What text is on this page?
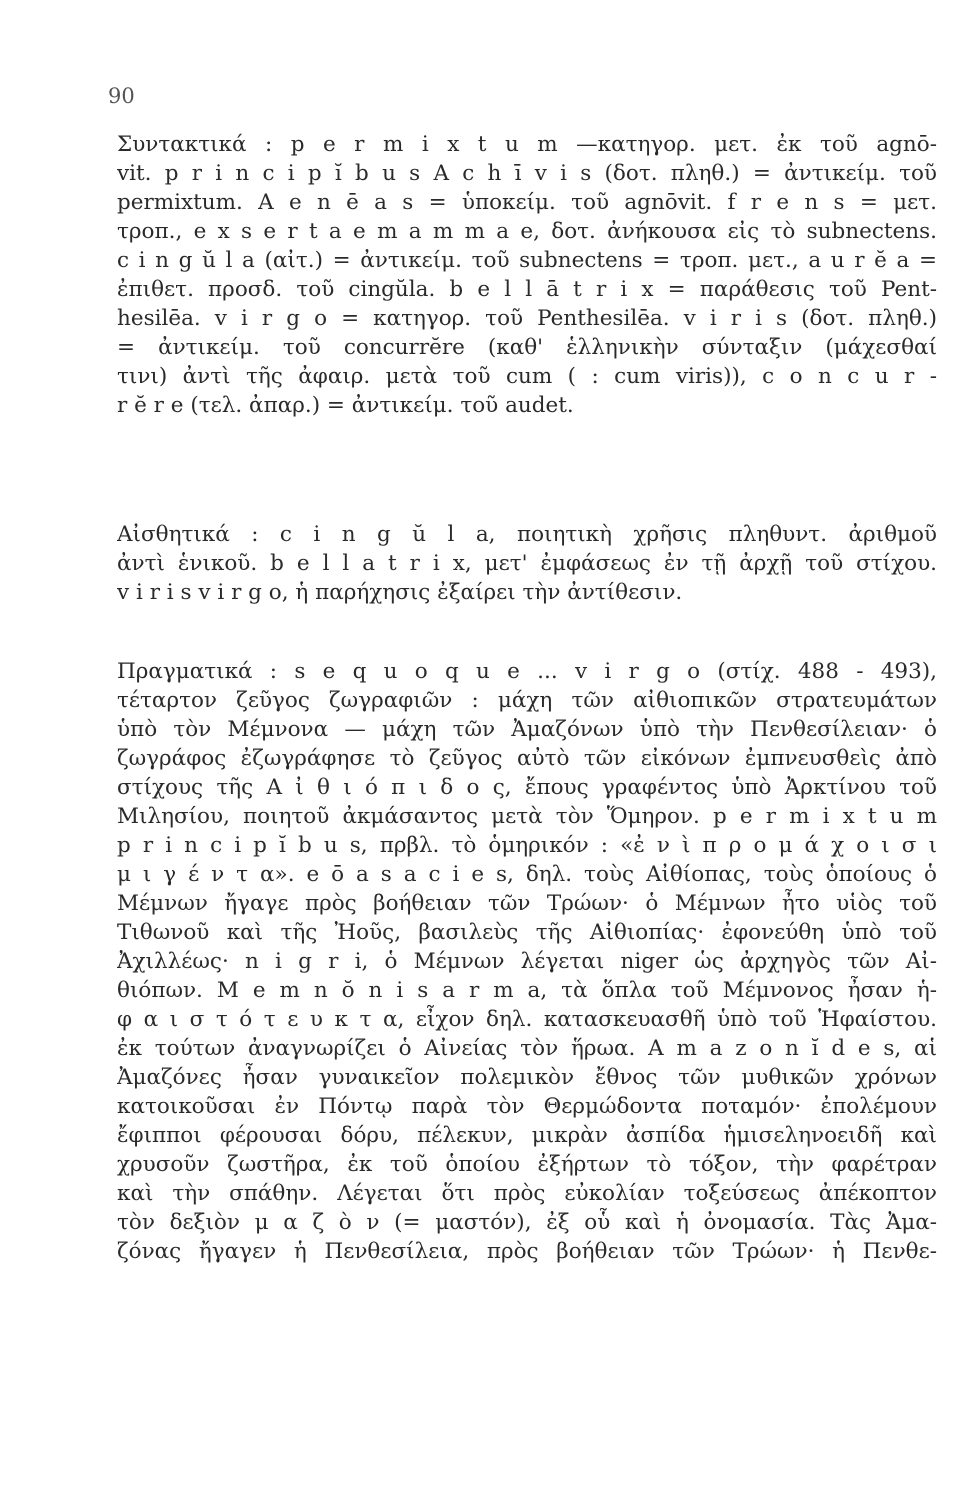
90
Συντακτικά : p e r m i x t u m —κατηγορ. μετ. ἐκ τοῦ agnō-
vit. p r i n c i p ĭ b u s A c h ī v i s (δοτ. πληθ.) = ἀντικείμ. τοῦ
permixtum. A e n ē a s = ὑποκείμ. τοῦ agnōvit. f r e n s = μετ.
τροπ., e x s e r t a e m a m m a e, δοτ. ἀνήκουσα εἰς τὸ subnectens.
c i n g ŭ l a (αἰτ.) = ἀντικείμ. τοῦ subnectens = τροπ. μετ., a u r ĕ a =
ἐπιθετ. προσδ. τοῦ cingŭla. b e l l ā t r i x = παράθεσις τοῦ Pent-
hesilēa. v i r g o = κατηγορ. τοῦ Penthesilēa. v i r i s (δοτ. πληθ.)
= ἀντικείμ. τοῦ concurrĕre (καθ' ἑλληνικὴν σύνταξιν (μάχεσθαί
τινι) ἀντὶ τῆς ἀφαιρ. μετὰ τοῦ cum ( : cum viris)), c o n c u r -
r ĕ r e (τελ. ἀπαρ.) = ἀντικείμ. τοῦ audet.
Αἰσθητικά : c i n g ŭ l a, ποιητικὴ χρῆσις πληθυντ. ἀριθμοῦ
ἀντὶ ἑνικοῦ. b e l l a t r i x, μετ' ἐμφάσεως ἐν τῇ ἀρχῇ τοῦ στίχου.
v i r i s v i r g o, ἡ παρήχησις ἐξαίρει τὴν ἀντίθεσιν.
Πραγματικά : s e q u o q u e ... v i r g o (στίχ. 488 - 493),
τέταρτον ζεῦγος ζωγραφιῶν : μάχη τῶν αἰθιοπικῶν στρατευμάτων
ὑπὸ τὸν Μέμνονα — μάχη τῶν Ἀμαζόνων ὑπὸ τὴν Πενθεσίλειαν· ὁ
ζωγράφος ἐζωγράφησε τὸ ζεῦγος αὐτὸ τῶν εἰκόνων ἐμπνευσθεὶς ἀπὸ
στίχους τῆς Α ἰ θ ι ό π ι δ ο ς, ἔπους γραφέντος ὑπὸ Ἀρκτίνου τοῦ
Μιλησίου, ποιητοῦ ἀκμάσαντος μετὰ τὸν Ὅμηρον. p e r m i x t u m
p r i n c i p ĭ b u s, πρβλ. τὸ ὁμηρικόν : «ἐ ν ὶ π ρ ο μ ά χ ο ι σ ι
μ ι γ έ ν τ α». e ō a s a c i e s, δηλ. τοὺς Αἰθίοπας, τοὺς ὁποίους ὁ
Μέμνων ἤγαγε πρὸς βοήθειαν τῶν Τρώων· ὁ Μέμνων ἦτο υἱὸς τοῦ
Τιθωνοῦ καὶ τῆς Ἠοῦς, βασιλεὺς τῆς Αἰθιοπίας· ἐφονεύθη ὑπὸ τοῦ
Ἀχιλλέως· n i g r i, ὁ Μέμνων λέγεται niger ὡς ἀρχηγὸς τῶν Αἰ-
θιόπων. M e m n ŏ n i s a r m a, τὰ ὅπλα τοῦ Μέμνονος ἦσαν ἡ-
φ α ι σ τ ό τ ε υ κ τ α, εἶχον δηλ. κατασκευασθῆ ὑπὸ τοῦ Ἡφαίστου.
ἐκ τούτων ἀναγνωρίζει ὁ Αἰνείας τὸν ἥρωα. A m a z o n ĭ d e s, αἱ
Ἀμαζόνες ἦσαν γυναικεῖον πολεμικὸν ἔθνος τῶν μυθικῶν χρόνων
κατοικοῦσαι ἐν Πόντῳ παρὰ τὸν Θερμώδοντα ποταμόν· ἐπολέμουν
ἔφιπποι φέρουσαι δόρυ, πέλεκυν, μικρὰν ἀσπίδα ἡμισεληνοειδῆ καὶ
χρυσοῦν ζωστῆρα, ἐκ τοῦ ὁποίου ἐξήρτων τὸ τόξον, τὴν φαρέτραν
καὶ τὴν σπάθην. Λέγεται ὅτι πρὸς εὐκολίαν τοξεύσεως ἀπέκοπτον
τὸν δεξιὸν μ α ζ ὸ ν (= μαστόν), ἐξ οὗ καὶ ἡ ὀνομασία. Τὰς Ἀμα-
ζόνας ἤγαγεν ἡ Πενθεσίλεια, πρὸς βοήθειαν τῶν Τρώων· ἡ Πενθε-
